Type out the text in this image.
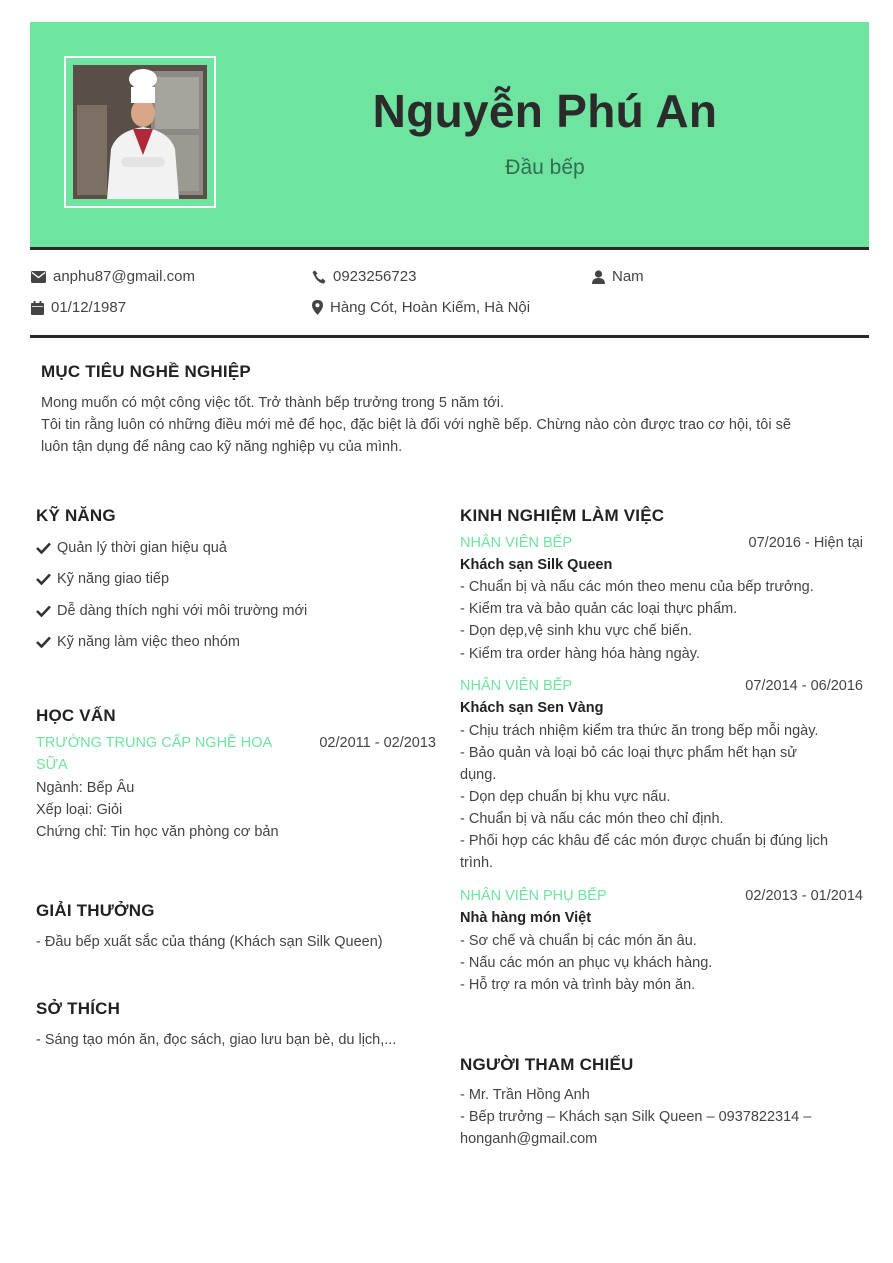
Nguyễn Phú An
Đầu bếp
anphu87@gmail.com	0923256723	Nam
01/12/1987	Hàng Cót, Hoàn Kiếm, Hà Nội
MỤC TIÊU NGHỀ NGHIỆP
Mong muốn có một công việc tốt. Trở thành bếp trưởng trong 5 năm tới.
Tôi tin rằng luôn có những điều mới mẻ để học, đặc biệt là đối với nghề bếp. Chừng nào còn được trao cơ hội, tôi sẽ
luôn tận dụng để nâng cao kỹ năng nghiệp vụ của mình.
KỸ NĂNG
Quản lý thời gian hiệu quả
Kỹ năng giao tiếp
Dễ dàng thích nghi với môi trường mới
Kỹ năng làm việc theo nhóm
HỌC VẤN
TRƯỜNG TRUNG CẤP NGHỀ HOA
SỮA
02/2011 - 02/2013
Ngành: Bếp Âu
Xếp loại: Giỏi
Chứng chỉ: Tin học văn phòng cơ bản
GIẢI THƯỞNG
- Đầu bếp xuất sắc của tháng (Khách sạn Silk Queen)
SỞ THÍCH
- Sáng tạo món ăn, đọc sách, giao lưu bạn bè, du lịch,...
KINH NGHIỆM LÀM VIỆC
NHÂN VIÊN BẾP	07/2016 - Hiện tại
Khách sạn Silk Queen
- Chuẩn bị và nấu các món theo menu của bếp trưởng.
- Kiểm tra và bảo quản các loại thực phẩm.
- Dọn dẹp,vệ sinh khu vực chế biến.
- Kiểm tra order hàng hóa hàng ngày.
NHÂN VIÊN BẾP	07/2014 - 06/2016
Khách sạn Sen Vàng
- Chịu trách nhiệm kiểm tra thức ăn trong bếp mỗi ngày.
- Bảo quản và loại bỏ các loại thực phẩm hết hạn sử
dụng.
- Dọn dẹp chuẩn bị khu vực nấu.
- Chuẩn bị và nấu các món theo chỉ định.
- Phối hợp các khâu để các món được chuẩn bị đúng lịch
trình.
NHÂN VIÊN PHỤ BẾP	02/2013 - 01/2014
Nhà hàng món Việt
- Sơ chế và chuẩn bị các món ăn âu.
- Nấu các món an phục vụ khách hàng.
- Hỗ trợ ra món và trình bày món ăn.
NGƯỜI THAM CHIẾU
- Mr. Trần Hồng Anh
- Bếp trưởng – Khách sạn Silk Queen – 0937822314 –
honganh@gmail.com
